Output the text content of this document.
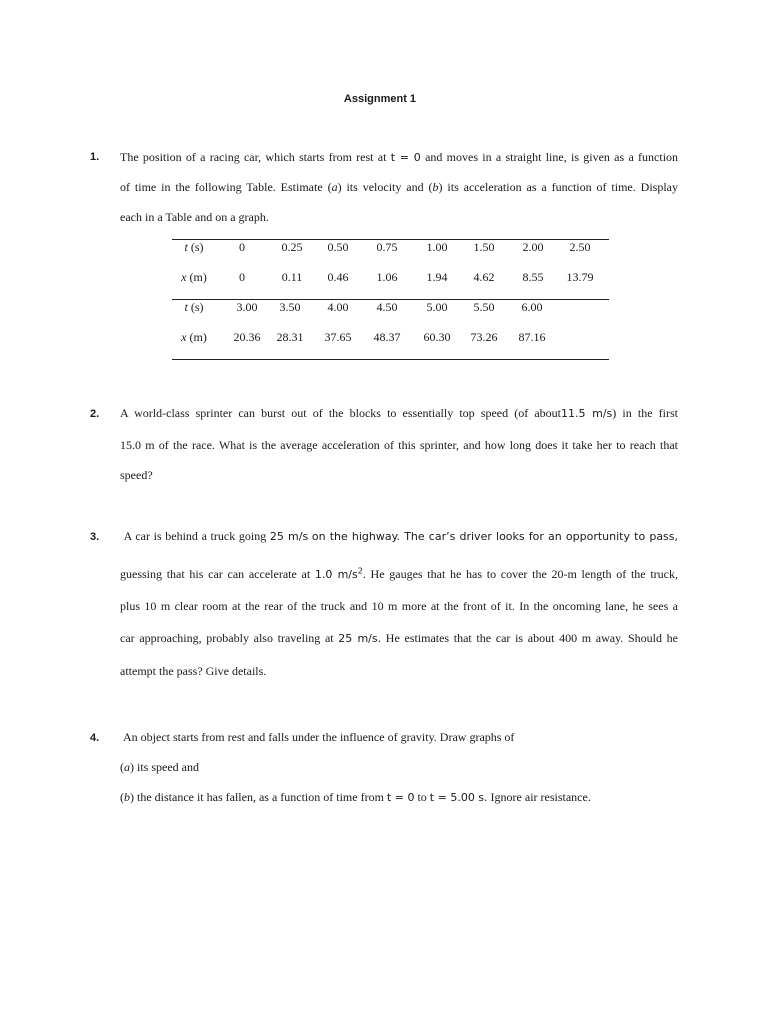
Assignment 1
1. The position of a racing car, which starts from rest at t = 0 and moves in a straight line, is given as a function
of time in the following Table. Estimate (a) its velocity and (b) its acceleration as a function of time. Display
each in a Table and on a graph.
t (s)	0	0.25	0.50	0.75	1.00	1.50	2.00	2.50
x (m)	0	0.11	0.46	1.06	1.94	4.62	8.55	13.79
t (s)	3.00	3.50	4.00	4.50	5.00	5.50	6.00
x (m)	20.36	28.31	37.65	48.37	60.30	73.26	87.16
2. A world-class sprinter can burst out of the blocks to essentially top speed (of about11.5 m/s) in the first
15.0 m of the race. What is the average acceleration of this sprinter, and how long does it take her to reach that
speed?
3.	A car is behind a truck going 25 m/s on the highway. The car’s driver looks for an opportunity to pass,
guessing that his car can accelerate at 1.0 $m/s^2$. He gauges that he has to cover the 20-m length of the truck,
plus 10 m clear room at the rear of the truck and 10 m more at the front of it. In the oncoming lane, he sees a
car approaching, probably also traveling at 25 m/s. He estimates that the car is about 400 m away. Should he
attempt the pass? Give details.
4. An object starts from rest and falls under the influence of gravity. Draw graphs of
(a) its speed and
(b) the distance it has fallen, as a function of time from t = 0 to t = 5.00 s. Ignore air resistance.
